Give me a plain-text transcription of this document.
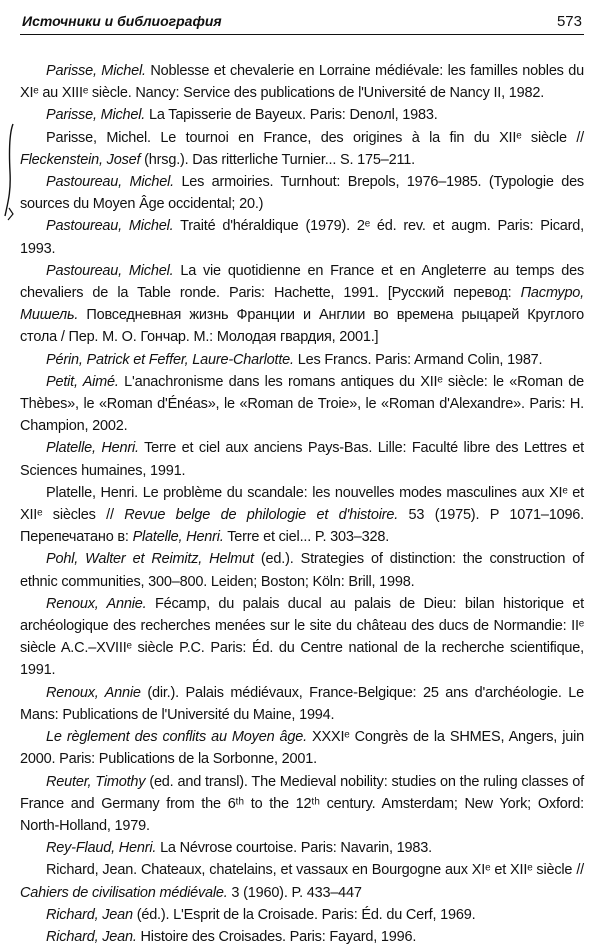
Источники и библиография	573

Parisse, Michel. Noblesse et chevalerie en Lorraine médiévale: les familles nobles du XIᵉ au XIIIᵉ siècle. Nancy: Service des publications de l'Université de Nancy II, 1982.

Parisse, Michel. La Tapisserie de Bayeux. Paris: Denoлl, 1983.

Parisse, Michel. Le tournoi en France, des origines à la fin du XIIᵉ siècle // Fleckenstein, Josef (hrsg.). Das ritterliche Turnier... S. 175–211.

Pastoureau, Michel. Les armoiries. Turnhout: Brepols, 1976–1985. (Typologie des sources du Moyen Âge occidental; 20.)

Pastoureau, Michel. Traité d'héraldique (1979). 2ᵉ éd. rev. et augm. Paris: Picard, 1993.

Pastoureau, Michel. La vie quotidienne en France et en Angleterre au temps des chevaliers de la Table ronde. Paris: Hachette, 1991. [Русский перевод: Пастуро, Мишель. Повседневная жизнь Франции и Англии во времена рыцарей Круглого стола / Пер. М. О. Гончар. М.: Молодая гвардия, 2001.]

Périn, Patrick et Feffer, Laure-Charlotte. Les Francs. Paris: Armand Colin, 1987.

Petit, Aimé. L'anachronisme dans les romans antiques du XIIᵉ siècle: le «Roman de Thèbes», le «Roman d'Énéas», le «Roman de Troie», le «Roman d'Alexandre». Paris: H. Champion, 2002.

Platelle, Henri. Terre et ciel aux anciens Pays-Bas. Lille: Faculté libre des Lettres et Sciences humaines, 1991.

Platelle, Henri. Le problème du scandale: les nouvelles modes masculines aux XIᵉ et XIIᵉ siècles // Revue belge de philologie et d'histoire. 53 (1975). P 1071–1096. Перепечатано в: Platelle, Henri. Terre et ciel... P. 303–328.

Pohl, Walter et Reimitz, Helmut (ed.). Strategies of distinction: the construction of ethnic communities, 300–800. Leiden; Boston; Köln: Brill, 1998.

Renoux, Annie. Fécamp, du palais ducal au palais de Dieu: bilan historique et archéologique des recherches menées sur le site du château des ducs de Normandie: IIᵉ siècle A.C.–XVIIIᵉ siècle P.C. Paris: Éd. du Centre national de la recherche scientifique, 1991.

Renoux, Annie (dir.). Palais médiévaux, France-Belgique: 25 ans d'archéologie. Le Mans: Publications de l'Université du Maine, 1994.

Le règlement des conflits au Moyen âge. XXXIᵉ Congrès de la SHMES, Angers, juin 2000. Paris: Publications de la Sorbonne, 2001.

Reuter, Timothy (ed. and transl). The Medieval nobility: studies on the ruling classes of France and Germany from the 6ᵗʰ to the 12ᵗʰ century. Amsterdam; New York; Oxford: North-Holland, 1979.

Rey-Flaud, Henri. La Névrose courtoise. Paris: Navarin, 1983.

Richard, Jean. Chateaux, chatelains, et vassaux en Bourgogne aux XIᵉ et XIIᵉ siècle // Cahiers de civilisation médiévale. 3 (1960). P. 433–447

Richard, Jean (éd.). L'Esprit de la Croisade. Paris: Éd. du Cerf, 1969.

Richard, Jean. Histoire des Croisades. Paris: Fayard, 1996.
